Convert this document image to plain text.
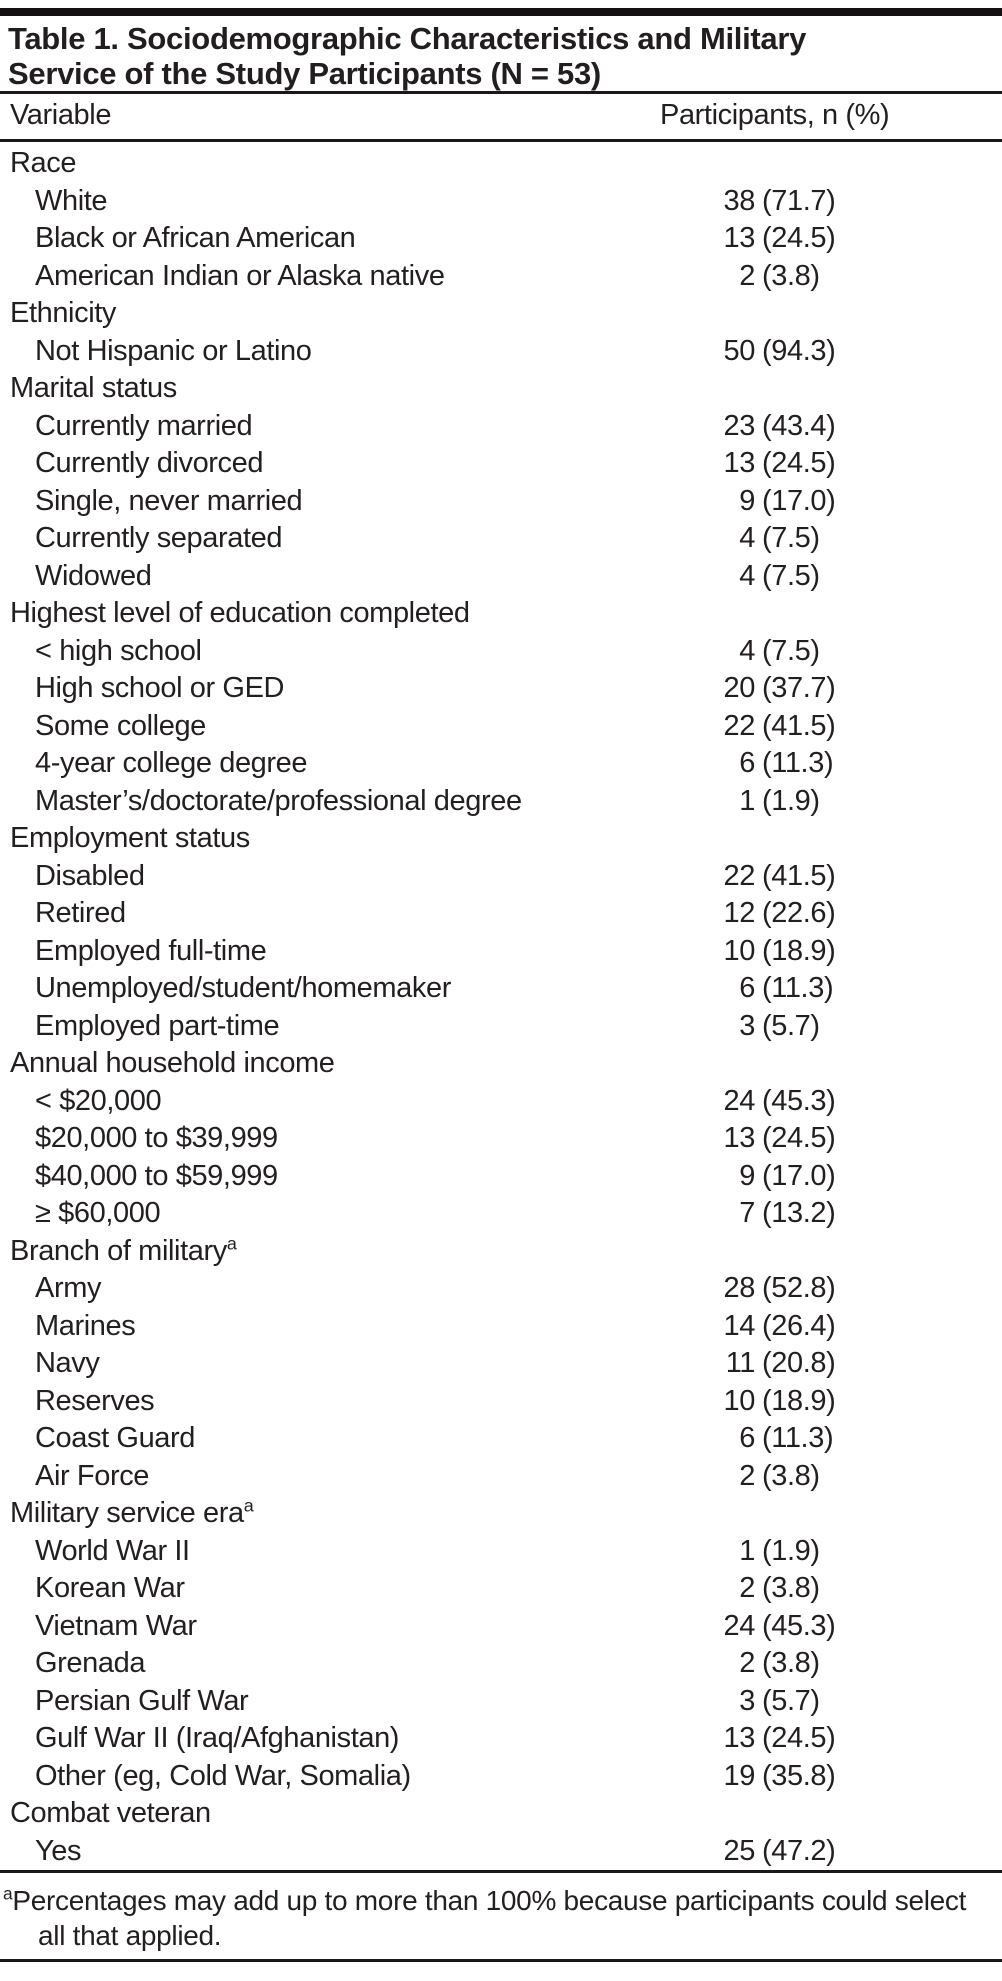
Table 1. Sociodemographic Characteristics and Military
Service of the Study Participants (N = 53)
Variable	Participants, n (%)
Race
White	38 (71.7)
Black or African American	13 (24.5)
American Indian or Alaska native	2 (3.8)
Ethnicity
Not Hispanic or Latino	50 (94.3)
Marital status
Currently married	23 (43.4)
Currently divorced	13 (24.5)
Single, never married	9 (17.0)
Currently separated	4 (7.5)
Widowed	4 (7.5)
Highest level of education completed
< high school	4 (7.5)
High school or GED	20 (37.7)
Some college	22 (41.5)
4-year college degree	6 (11.3)
Master’s/doctorate/professional degree	1 (1.9)
Employment status
Disabled	22 (41.5)
Retired	12 (22.6)
Employed full-time	10 (18.9)
Unemployed/student/homemaker	6 (11.3)
Employed part-time	3 (5.7)
Annual household income
< $20,000	24 (45.3)
$20,000 to $39,999	13 (24.5)
$40,000 to $59,999	9 (17.0)
≥ $60,000	7 (13.2)
Branch of military$^a$
Army	28 (52.8)
Marines	14 (26.4)
Navy	11 (20.8)
Reserves	10 (18.9)
Coast Guard	6 (11.3)
Air Force	2 (3.8)
Military service era$^a$
World War II	1 (1.9)
Korean War	2 (3.8)
Vietnam War	24 (45.3)
Grenada	2 (3.8)
Persian Gulf War	3 (5.7)
Gulf War II (Iraq/Afghanistan)	13 (24.5)
Other (eg, Cold War, Somalia)	19 (35.8)
Combat veteran
Yes	25 (47.2)
$^a$Percentages may add up to more than 100% because participants could select all that applied.
